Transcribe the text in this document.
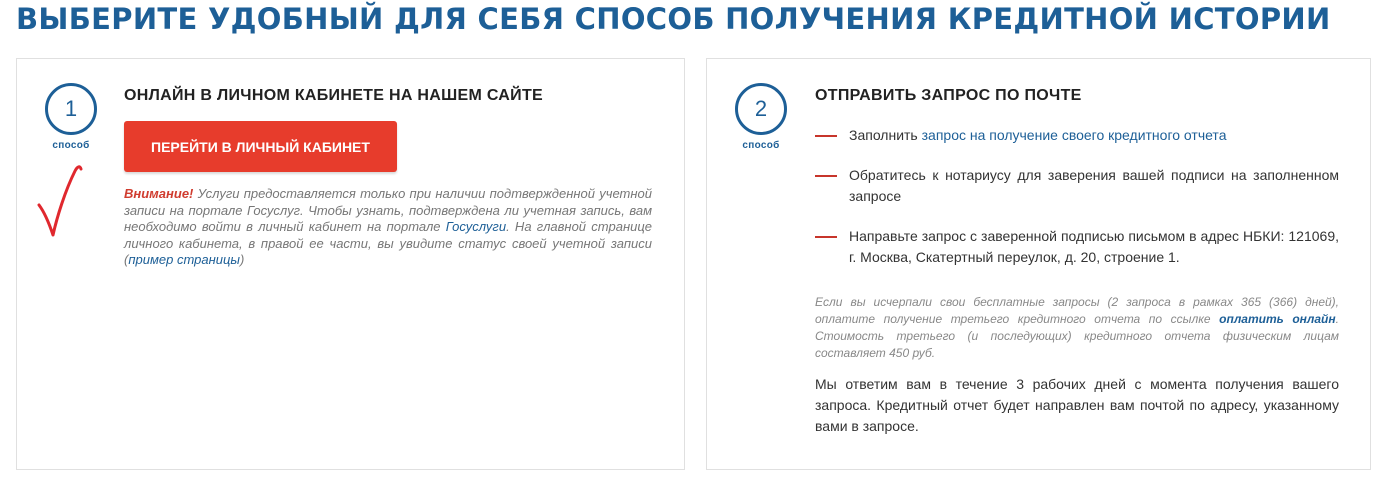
ВЫБЕРИТЕ УДОБНЫЙ ДЛЯ СЕБЯ СПОСОБ ПОЛУЧЕНИЯ КРЕДИТНОЙ ИСТОРИИ
1
способ
ОНЛАЙН В ЛИЧНОМ КАБИНЕТЕ НА НАШЕМ САЙТЕ
ПЕРЕЙТИ В ЛИЧНЫЙ КАБИНЕТ

Внимание! Услуги предоставляется только при наличии подтвержденной учетной записи на портале Госуслуг. Чтобы узнать, подтверждена ли учетная запись, вам необходимо войти в личный кабинет на портале Госуслуги. На главной странице личного кабинета, в правой ее части, вы увидите статус своей учетной записи (пример страницы)

2
способ
ОТПРАВИТЬ ЗАПРОС ПО ПОЧТЕ
Заполнить запрос на получение своего кредитного отчета
Обратитесь к нотариусу для заверения вашей подписи на заполненном запросе
Направьте запрос с заверенной подписью письмом в адрес НБКИ: 121069, г. Москва, Скатертный переулок, д. 20, строение 1.

Если вы исчерпали свои бесплатные запросы (2 запроса в рамках 365 (366) дней), оплатите получение третьего кредитного отчета по ссылке оплатить онлайн. Стоимость третьего (и последующих) кредитного отчета физическим лицам составляет 450 руб.

Мы ответим вам в течение 3 рабочих дней с момента получения вашего запроса. Кредитный отчет будет направлен вам почтой по адресу, указанному вами в запросе.
